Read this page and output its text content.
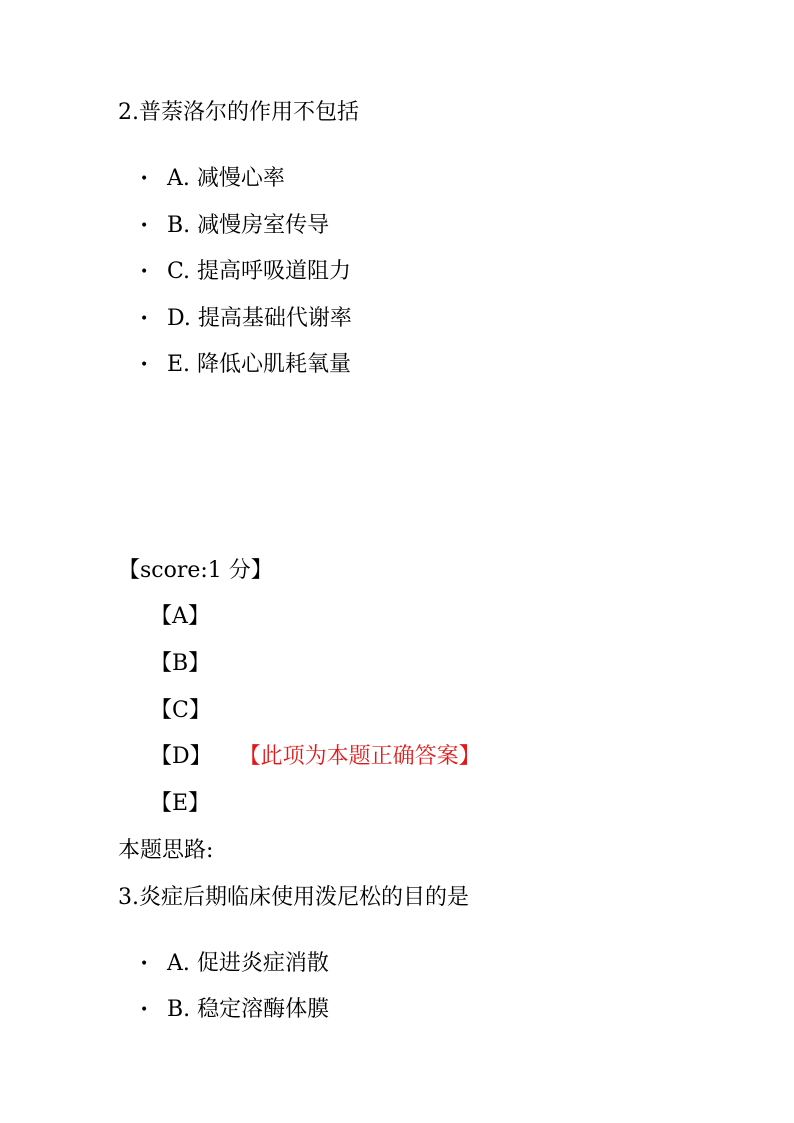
2.普萘洛尔的作用不包括
•A. 减慢心率
•B. 减慢房室传导
•C. 提高呼吸道阻力
•D. 提高基础代谢率
•E. 降低心肌耗氧量
【score:1 分】
【A】
【B】
【C】
【D】 【此项为本题正确答案】
【E】
本题思路:
3.炎症后期临床使用泼尼松的目的是
•A. 促进炎症消散
•B. 稳定溶酶体膜
